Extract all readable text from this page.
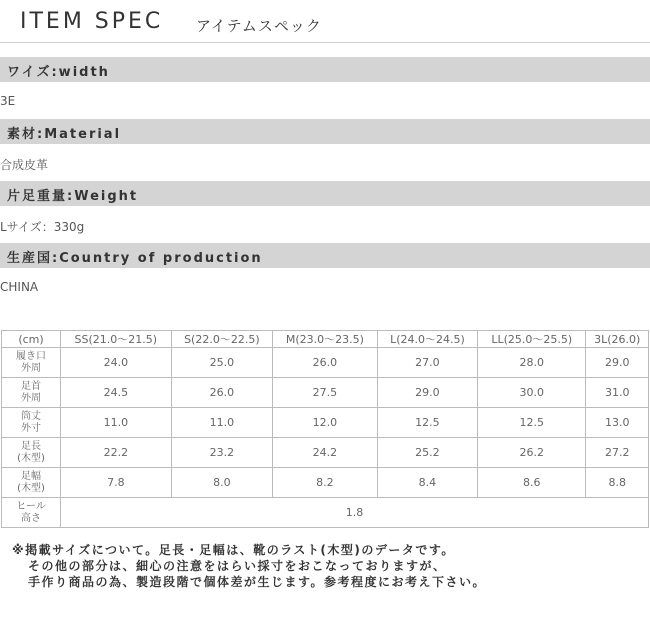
ITEM SPEC アイテムスペック
ワイズ:width
3E
素材:Material
合成皮革
片足重量:Weight
Lサイズ：330g
生産国:Country of production
CHINA
(cm)	SS(21.0〜21.5)	S(22.0〜22.5)	M(23.0〜23.5)	L(24.0〜24.5)	LL(25.0〜25.5)	3L(26.0)

履き口
外周	24.0	25.0	26.0	27.0	28.0	29.0

足首
外周	24.5	26.0	27.5	29.0	30.0	31.0

筒丈
外寸	11.0	11.0	12.0	12.5	12.5	13.0

足長
(木型)	22.2	23.2	24.2	25.2	26.2	27.2

足幅
(木型)	7.8	8.0	8.2	8.4	8.6	8.8

ヒール
高さ	1.8					
※掲載サイズについて。足長・足幅は、靴のラスト(木型)のデータです。
その他の部分は、細心の注意をはらい採寸をおこなっておりますが、
手作り商品の為、製造段階で個体差が生じます。参考程度にお考え下さい。
